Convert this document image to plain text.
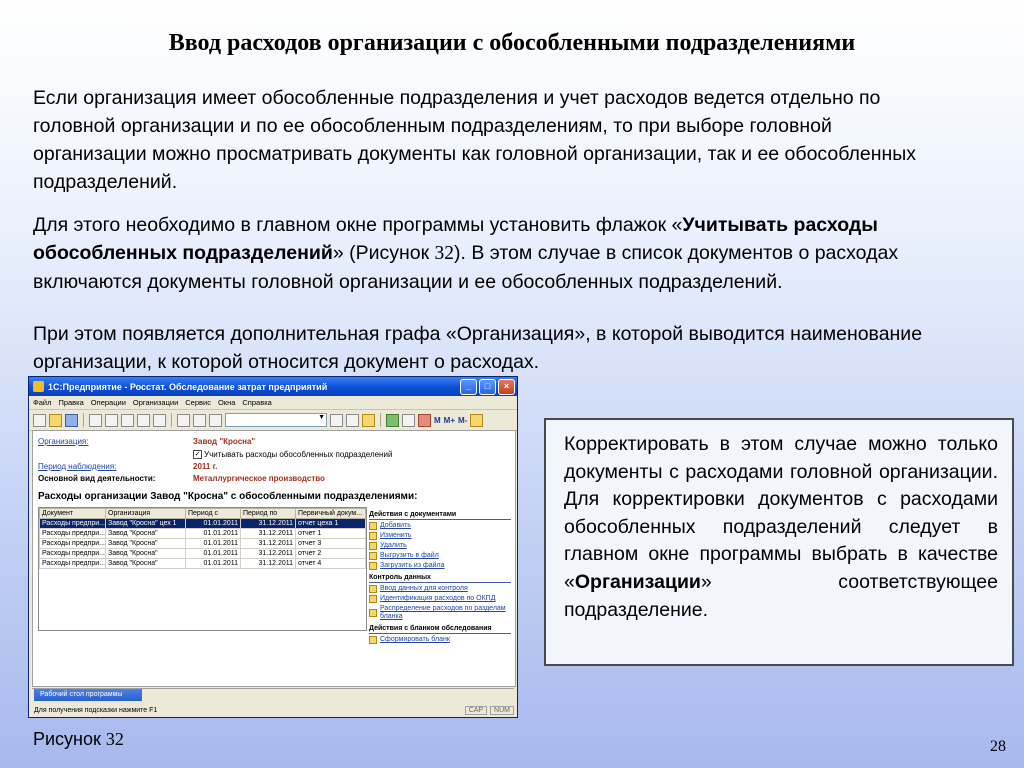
Ввод расходов организации с обособленными подразделениями

Если организация имеет обособленные подразделения и учет расходов ведется отдельно по головной организации и по ее обособленным подразделениям, то при выборе головной организации можно просматривать документы как головной организации, так и ее обособленных подразделений.

Для этого необходимо в главном окне программы установить флажок «Учитывать расходы обособленных подразделений» (Рисунок 32). В этом случае в список документов о расходах включаются документы головной организации и ее обособленных подразделений.

При этом появляется дополнительная графа «Организация», в которой выводится наименование организации, к которой относится документ о расходах.

1С:Предприятие - Росстат. Обследование затрат предприятий	_	□	×
Файл Правка Операции Организации Сервис Окна Справка
▼	М М+ М-
Организация:	Завод "Кросна"
✓ Учитывать расходы обособленных подразделений
Период наблюдения:	2011 г.
Основной вид деятельности:	Металлургическое производство
Расходы организации Завод "Кросна" с обособленными подразделениями:
Документ	Организация	Период с	Период по	Первичный докум...
Расходы предпри...	Завод "Кросна" цех 1	01.01.2011	31.12.2011	отчет цеха 1
Расходы предпри...	Завод "Кросна"	01.01.2011	31.12.2011	отчет 1
Расходы предпри...	Завод "Кросна"	01.01.2011	31.12.2011	отчет 3
Расходы предпри...	Завод "Кросна"	01.01.2011	31.12.2011	отчет 2
Расходы предпри...	Завод "Кросна"	01.01.2011	31.12.2011	отчет 4
Действия с документами
Добавить
Изменить
Удалить
Выгрузить в файл
Загрузить из файла
Контроль данных
Ввод данных для контроля
Идентификация расходов по ОКПД
Распределение расходов по разделам бланка
Действия с бланком обследования
Сформировать бланк
Рабочий стол программы
Для получения подсказки нажмите F1	CAP	NUM

Корректировать в этом случае можно только документы с расходами головной организации. Для корректировки документов с расходами обособленных подразделений следует в главном окне программы выбрать в качестве «Организации» соответствующее подразделение.

Рисунок 32	28
